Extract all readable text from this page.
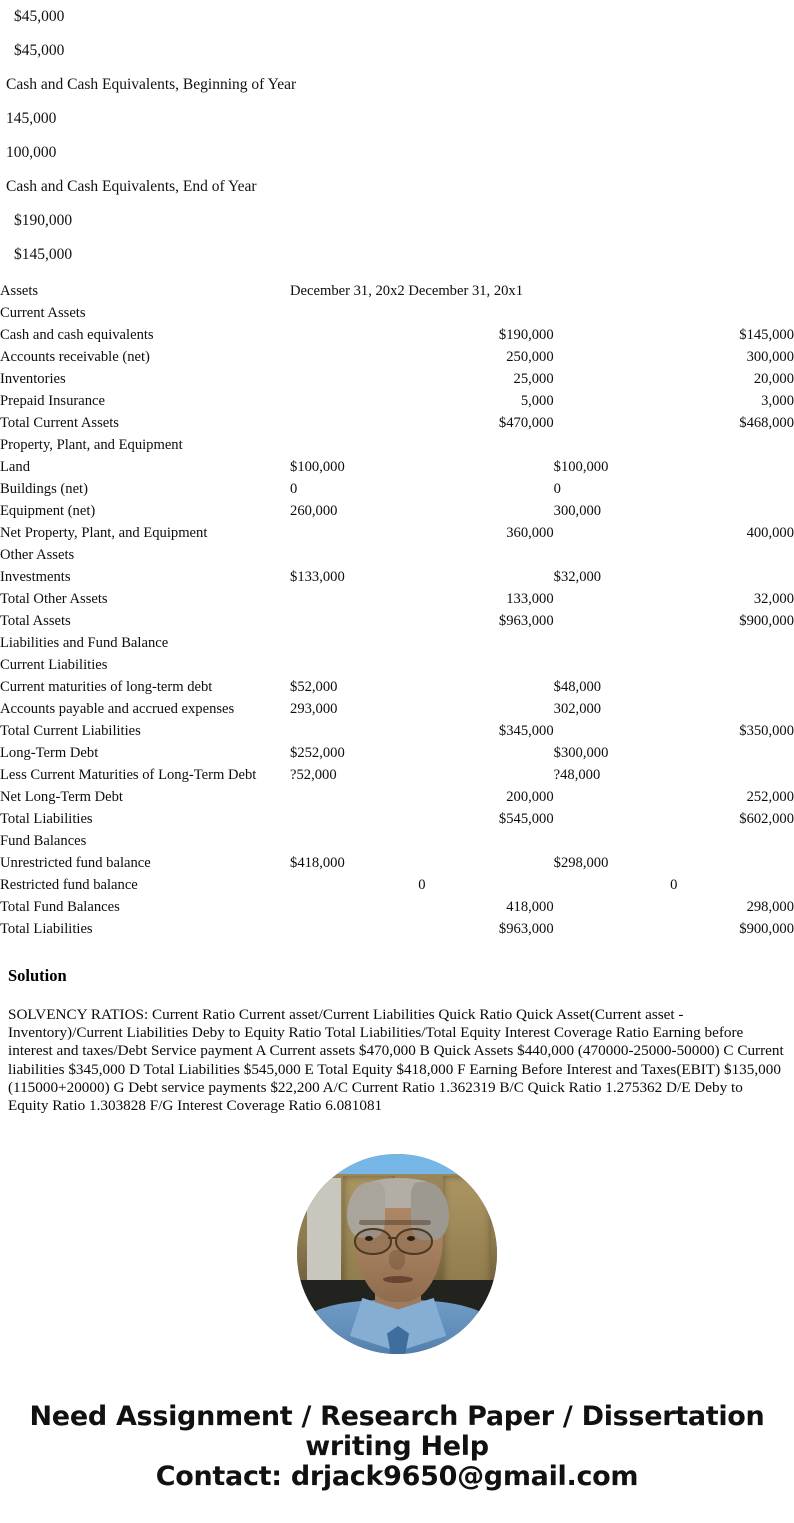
$45,000
$45,000
Cash and Cash Equivalents, Beginning of Year
145,000
100,000
Cash and Cash Equivalents, End of Year
$190,000
$145,000
Assets	December 31, 20x2 December 31, 20x1	
Current Assets		
Cash and cash equivalents	$190,000	$145,000
Accounts receivable (net)	250,000	300,000
Inventories	25,000	20,000
Prepaid Insurance	5,000	3,000
Total Current Assets	$470,000	$468,000
Property, Plant, and Equipment		
Land	$100,000	$100,000
Buildings (net)	0	0
Equipment (net)	260,000	300,000
Net Property, Plant, and Equipment	360,000	400,000
Other Assets		
Investments	$133,000	$32,000
Total Other Assets	133,000	32,000
Total Assets	$963,000	$900,000
Liabilities and Fund Balance		
Current Liabilities		
Current maturities of long-term debt	$52,000	$48,000
Accounts payable and accrued expenses	293,000	302,000
Total Current Liabilities	$345,000	$350,000
Long-Term Debt	$252,000	$300,000
Less Current Maturities of Long-Term Debt	?52,000	?48,000
Net Long-Term Debt	200,000	252,000
Total Liabilities	$545,000	$602,000
Fund Balances		
Unrestricted fund balance	$418,000	$298,000
Restricted fund balance	0	0
Total Fund Balances	418,000	298,000
Total Liabilities	$963,000	$900,000
Solution
SOLVENCY RATIOS: Current Ratio Current asset/Current Liabilities Quick Ratio Quick Asset(Current asset - Inventory)/Current Liabilities Deby to Equity Ratio Total Liabilities/Total Equity Interest Coverage Ratio Earning before interest and taxes/Debt Service payment A Current assets $470,000 B Quick Assets $440,000 (470000-25000-50000) C Current liabilities $345,000 D Total Liabilities $545,000 E Total Equity $418,000 F Earning Before Interest and Taxes(EBIT) $135,000 (115000+20000) G Debt service payments $22,200 A/C Current Ratio 1.362319 B/C Quick Ratio 1.275362 D/E Deby to Equity Ratio 1.303828 F/G Interest Coverage Ratio 6.081081
Need Assignment / Research Paper / Dissertation
writing Help
Contact: drjack9650@gmail.com
